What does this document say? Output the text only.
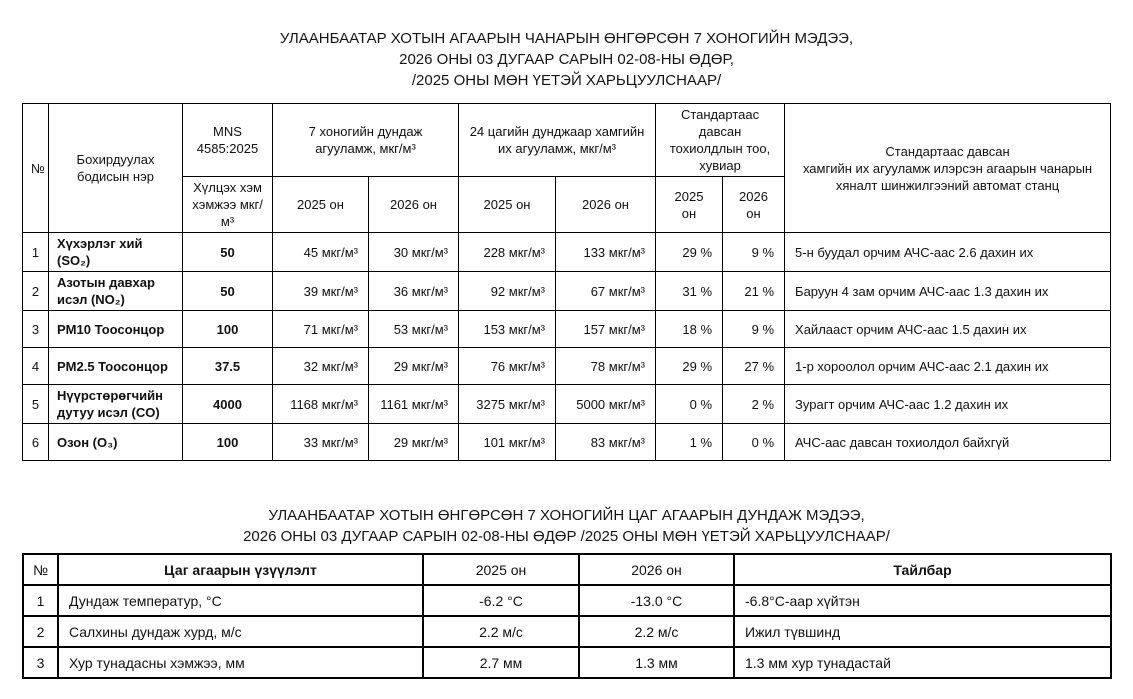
УЛААНБААТАР ХОТЫН АГААРЫН ЧАНАРЫН ӨНГӨРСӨН 7 ХОНОГИЙН МЭДЭЭ,
2026 ОНЫ 03 ДУГААР САРЫН 02-08-НЫ ӨДӨР,
/2025 ОНЫ МӨН ҮЕТЭЙ ХАРЬЦУУЛСНААР/
№	Бохирдуулах бодисын нэр	MNS 4585:2025	7 хоногийн дундаж агууламж, мкг/м³		24 цагийн дунджаар хамгийн их агууламж, мкг/м³		Стандартаас давсан тохиолдлын тоо, хувиар		Стандартаас давсан
хамгийн их агууламж илэрсэн агаарын чанарын
хяналт шинжилгээний автомат станц

		Хүлцэх хэм хэмжээ мкг/м³	2025 он	2026 он	2025 он	2026 он	2025 он	2026 он	
1	Хүхэрлэг хий (SO₂)	50	45 мкг/м³	30 мкг/м³	228 мкг/м³	133 мкг/м³	29 %	9 %	5-н буудал орчим АЧС-аас 2.6 дахин их
2	Азотын давхар исэл (NO₂)	50	39 мкг/м³	36 мкг/м³	92 мкг/м³	67 мкг/м³	31 %	21 %	Баруун 4 зам орчим АЧС-аас 1.3 дахин их
3	PM10 Тоосонцор	100	71 мкг/м³	53 мкг/м³	153 мкг/м³	157 мкг/м³	18 %	9 %	Хайлааст орчим АЧС-аас 1.5 дахин их
4	PM2.5 Тоосонцор	37.5	32 мкг/м³	29 мкг/м³	76 мкг/м³	78 мкг/м³	29 %	27 %	1-р хороолол орчим АЧС-аас 2.1 дахин их
5	Нүүрстөрөгчийн дутуу исэл (CO)	4000	1168 мкг/м³	1161 мкг/м³	3275 мкг/м³	5000 мкг/м³	0 %	2 %	Зурагт орчим АЧС-аас 1.2 дахин их
6	Озон (O₃)	100	33 мкг/м³	29 мкг/м³	101 мкг/м³	83 мкг/м³	1 %	0 %	АЧС-аас давсан тохиолдол байхгүй
УЛААНБААТАР ХОТЫН ӨНГӨРСӨН 7 ХОНОГИЙН ЦАГ АГААРЫН ДУНДАЖ МЭДЭЭ,
2026 ОНЫ 03 ДУГААР САРЫН 02-08-НЫ ӨДӨР /2025 ОНЫ МӨН ҮЕТЭЙ ХАРЬЦУУЛСНААР/
№	Цаг агаарын үзүүлэлт	2025 он	2026 он	Тайлбар
1	Дундаж температур, °С	-6.2 °С	-13.0 °С	-6.8°С-аар хүйтэн
2	Салхины дундаж хурд, м/с	2.2 м/с	2.2 м/с	Ижил түвшинд
3	Хур тунадасны хэмжээ, мм	2.7 мм	1.3 мм	1.3 мм хур тунадастай
